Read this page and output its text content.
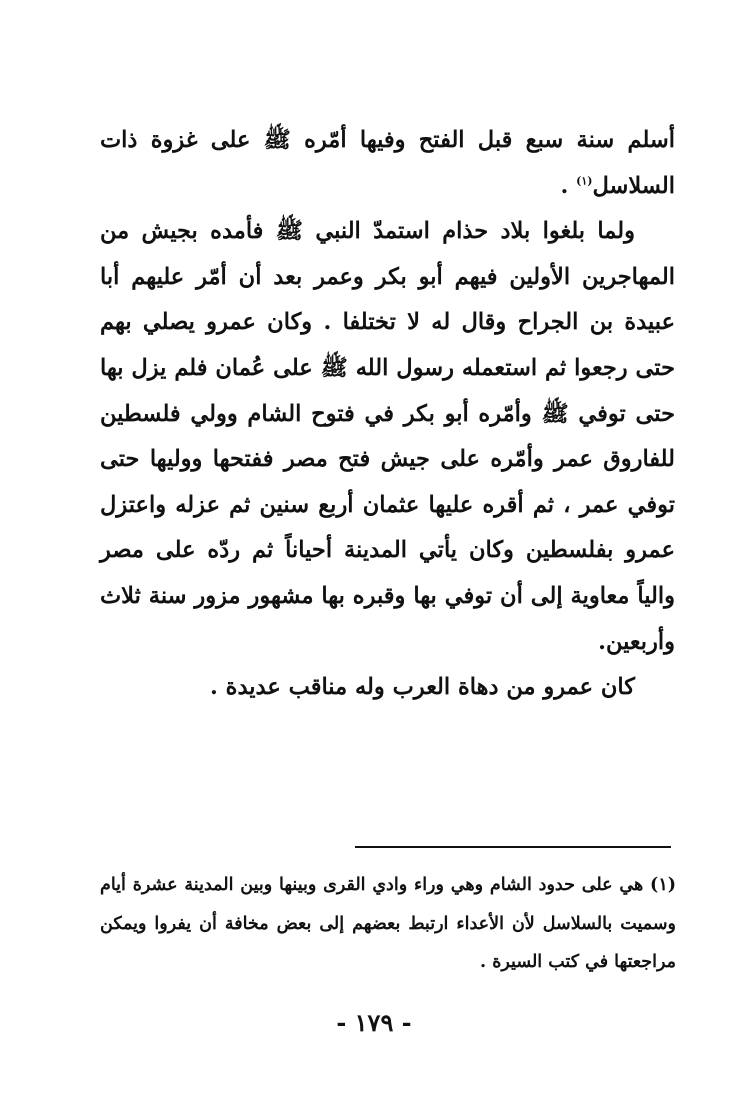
أسلم سنة سبع قبل الفتح وفيها أمّره ﷺ على غزوة ذات السلاسل$^{(١)}$ .

ولما بلغوا بلاد حذام استمدّ النبي ﷺ فأمده بجيش من المهاجرين الأولين فيهم أبو بكر وعمر بعد أن أمّر عليهم أبا عبيدة بن الجراح وقال له لا تختلفا . وكان عمرو يصلي بهم حتى رجعوا ثم استعمله رسول الله ﷺ على عُمان فلم يزل بها حتى توفي ﷺ وأمّره أبو بكر في فتوح الشام وولي فلسطين للفاروق عمر وأمّره على جيش فتح مصر ففتحها ووليها حتى توفي عمر ، ثم أقره عليها عثمان أربع سنين ثم عزله واعتزل عمرو بفلسطين وكان يأتي المدينة أحياناً ثم ردّه على مصر والياً معاوية إلى أن توفي بها وقبره بها مشهور مزور سنة ثلاث وأربعين.

كان عمرو من دهاة العرب وله مناقب عديدة .

(١) هي على حدود الشام وهي وراء وادي القرى وبينها وبين المدينة عشرة أيام وسميت بالسلاسل لأن الأعداء ارتبط بعضهم إلى بعض مخافة أن يفروا ويمكن مراجعتها في كتب السيرة .

- ١٧٩ -
